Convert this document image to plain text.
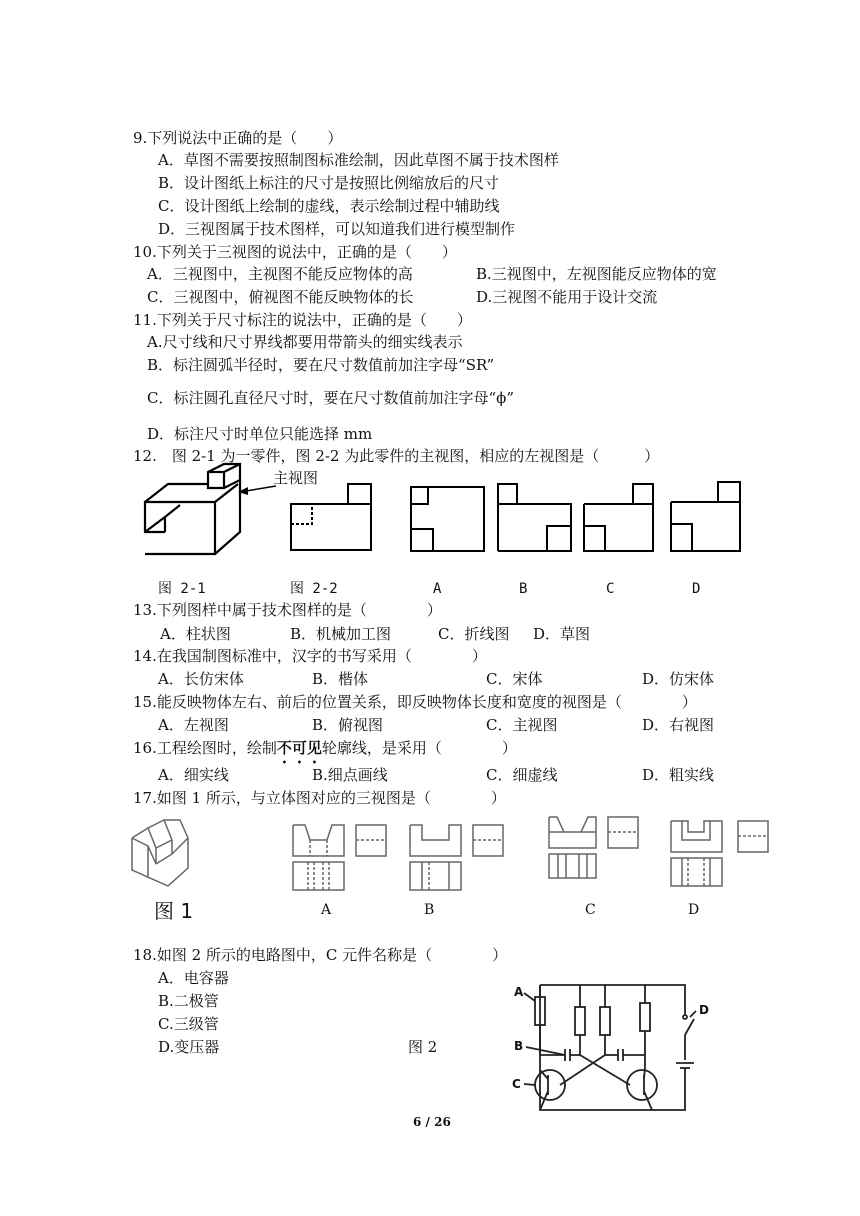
9.下列说法中正确的是（　　）
A．草图不需要按照制图标准绘制，因此草图不属于技术图样
B．设计图纸上标注的尺寸是按照比例缩放后的尺寸
C．设计图纸上绘制的虚线，表示绘制过程中辅助线
D．三视图属于技术图样，可以知道我们进行模型制作
10.下列关于三视图的说法中，正确的是（　　）
A．三视图中，主视图不能反应物体的高	B.三视图中，左视图能反应物体的宽
C．三视图中，俯视图不能反映物体的长	D.三视图不能用于设计交流
11.下列关于尺寸标注的说法中，正确的是（　　）
A.尺寸线和尺寸界线都要用带箭头的细实线表示
B．标注圆弧半径时，要在尺寸数值前加注字母“SR”
C．标注圆孔直径尺寸时，要在尺寸数值前加注字母“ϕ”
D．标注尺寸时单位只能选择 mm
12.　图 2-1 为一零件，图 2-2 为此零件的主视图，相应的左视图是（　　　）
主视图
图 2-1	图 2-2	A	B	C	D
13.下列图样中属于技术图样的是（　　　　）
A．柱状图	B．机械加工图	C．折线图 D．草图
14.在我国制图标准中，汉字的书写采用（　　　　）
A．长仿宋体	B．楷体	C．宋体	D．仿宋体
15.能反映物体左右、前后的位置关系，即反映物体长度和宽度的视图是（　　　　）
A．左视图	B．俯视图	C．主视图	D．右视图
16.工程绘图时，绘制不可见轮廓线，是采用（　　　　）
A．细实线	B.细点画线	C．细虚线	D．粗实线
17.如图 1 所示，与立体图对应的三视图是（　　　　）
图 1	A	B	C	D
18.如图 2 所示的电路图中，C 元件名称是（　　　　）
A．电容器
B.二极管
C.三级管
D.变压器	图 2
A
B
C
D
6 / 26
